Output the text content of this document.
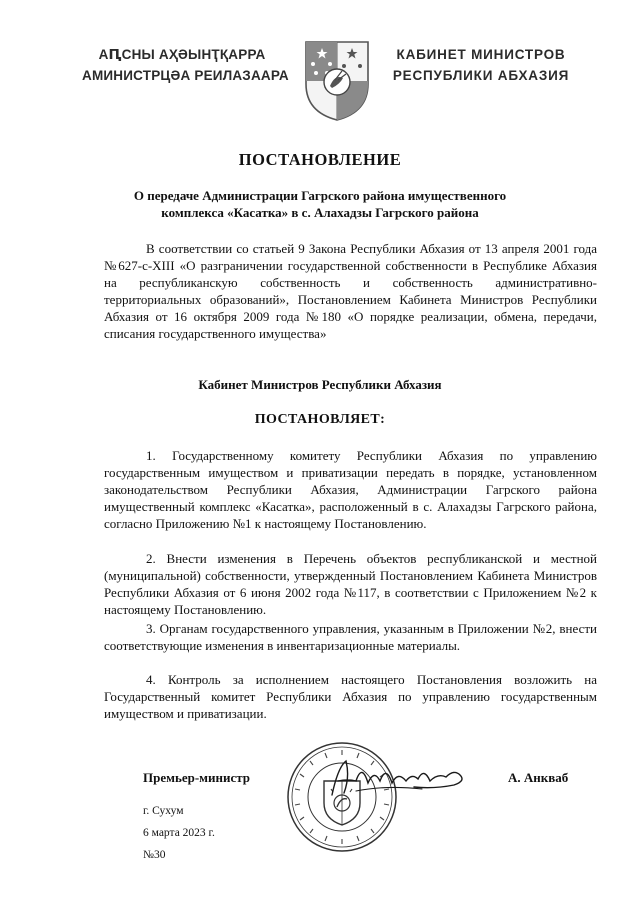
АԤСНЫ АҲӘЫНҬҚАРРА
АМИНИСТРЦӘА РЕИЛАЗААРА
КАБИНЕТ МИНИСТРОВ
РЕСПУБЛИКИ АБХАЗИЯ
ПОСТАНОВЛЕНИЕ
О передаче Администрации Гагрского района имущественного
комплекса «Касатка» в с. Алахадзы Гагрского района

В соответствии со статьей 9 Закона Республики Абхазия от 13 апреля 2001 года №627-с-XIII «О разграничении государственной собственности в Республике Абхазия на республиканскую собственность и собственность административно-территориальных образований», Постановлением Кабинета Министров Республики Абхазия от 16 октября 2009 года №180 «О порядке реализации, обмена, передачи, списания государственного имущества»

Кабинет Министров Республики Абхазия
ПОСТАНОВЛЯЕТ:

1. Государственному комитету Республики Абхазия по управлению государственным имуществом и приватизации передать в порядке, установленном законодательством Республики Абхазия, Администрации Гагрского района имущественный комплекс «Касатка», расположенный в с. Алахадзы Гагрского района, согласно Приложению №1 к настоящему Постановлению.

2. Внести изменения в Перечень объектов республиканской и местной (муниципальной) собственности, утвержденный Постановлением Кабинета Министров Республики Абхазия от 6 июня 2002 года №117, в соответствии с Приложением №2 к настоящему Постановлению.

3. Органам государственного управления, указанным в Приложении №2, внести соответствующие изменения в инвентаризационные материалы.

4. Контроль за исполнением настоящего Постановления возложить на Государственный комитет Республики Абхазия по управлению государственным имуществом и приватизации.

Премьер-министр	А. Анкваб
г. Сухум
6 марта 2023 г.
№30
